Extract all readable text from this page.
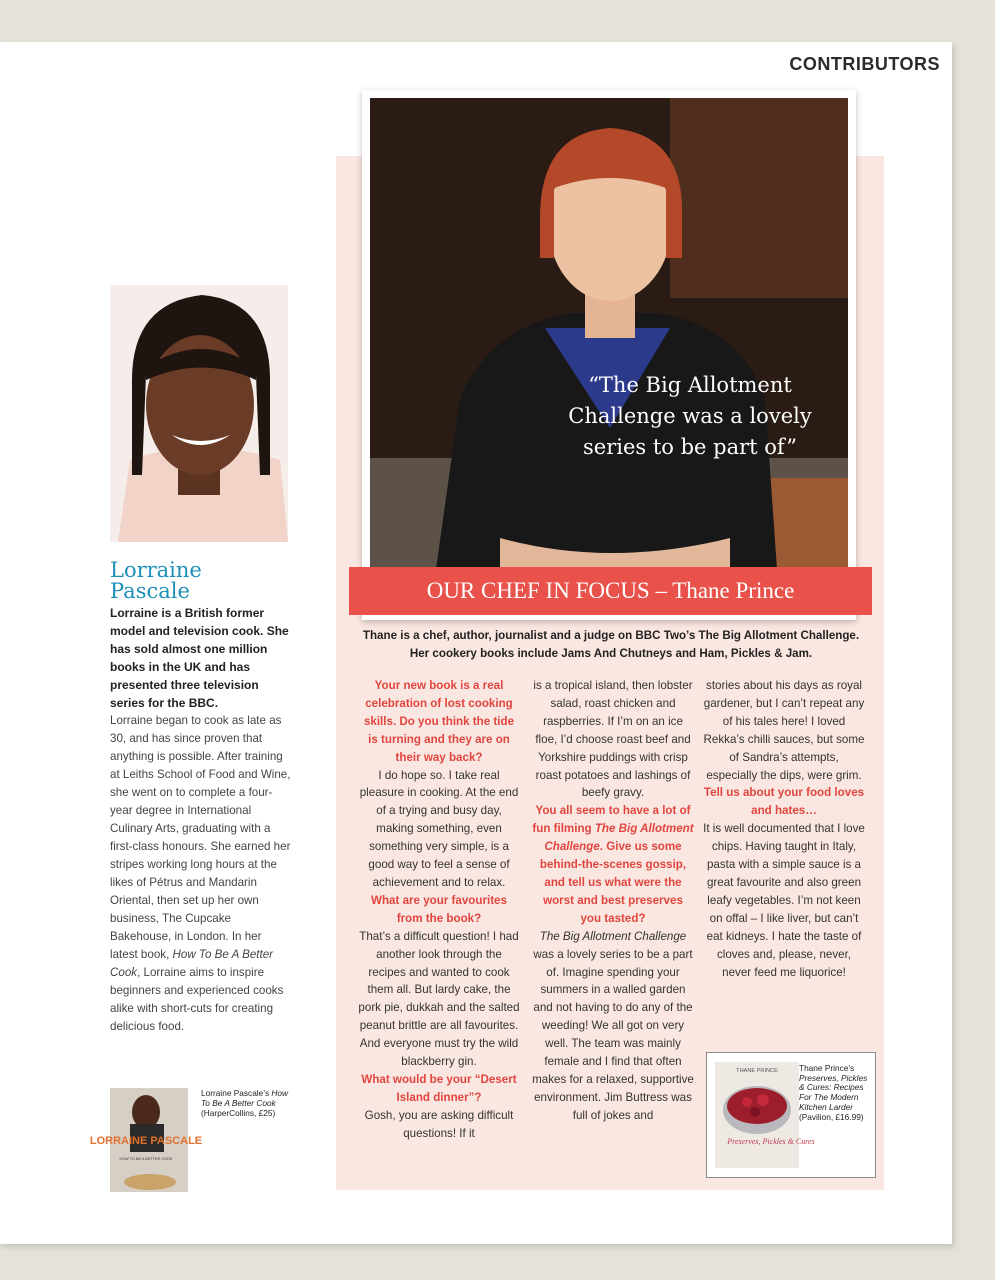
CONTRIBUTORS
“The Big Allotment Challenge was a lovely series to be part of”
OUR CHEF IN FOCUS – Thane Prince
Thane is a chef, author, journalist and a judge on BBC Two’s The Big Allotment Challenge. Her cookery books include Jams And Chutneys and Ham, Pickles & Jam.
Your new book is a real celebration of lost cooking skills. Do you think the tide is turning and they are on their way back?
I do hope so. I take real pleasure in cooking. At the end of a trying and busy day, making something, even something very simple, is a good way to feel a sense of achievement and to relax.
What are your favourites from the book?
That’s a difficult question! I had another look through the recipes and wanted to cook them all. But lardy cake, the pork pie, dukkah and the salted peanut brittle are all favourites. And everyone must try the wild blackberry gin.
What would be your “Desert Island dinner”?
Gosh, you are asking difficult questions! If it
is a tropical island, then lobster salad, roast chicken and raspberries. If I’m on an ice floe, I’d choose roast beef and Yorkshire puddings with crisp roast potatoes and lashings of beefy gravy.
You all seem to have a lot of fun filming The Big Allotment Challenge. Give us some behind-the-scenes gossip, and tell us what were the worst and best preserves you tasted?
The Big Allotment Challenge was a lovely series to be a part of. Imagine spending your summers in a walled garden and not having to do any of the weeding! We all got on very well. The team was mainly female and I find that often makes for a relaxed, supportive environment. Jim Buttress was full of jokes and
stories about his days as royal gardener, but I can’t repeat any of his tales here! I loved Rekka’s chilli sauces, but some of Sandra’s attempts, especially the dips, were grim.
Tell us about your food loves and hates…
It is well documented that I love chips. Having taught in Italy, pasta with a simple sauce is a great favourite and also green leafy vegetables. I’m not keen on offal – I like liver, but can’t eat kidneys. I hate the taste of cloves and, please, never, never feed me liquorice!
THANE PRINCE
Preserves, Pickles & Cures
Thane Prince’s Preserves, Pickles & Cures: Recipes For The Modern Kitchen Larder (Pavilion, £16.99)
Lorraine Pascale
Lorraine is a British former model and television cook. She has sold almost one million books in the UK and has presented three television series for the BBC.
Lorraine began to cook as late as 30, and has since proven that anything is possible. After training at Leiths School of Food and Wine, she went on to complete a four-year degree in International Culinary Arts, graduating with a first-class honours. She earned her stripes working long hours at the likes of Pétrus and Mandarin Oriental, then set up her own business, The Cupcake Bakehouse, in London. In her latest book, How To Be A Better Cook, Lorraine aims to inspire beginners and experienced cooks alike with short-cuts for creating delicious food.
LORRAINE PASCALE
HOW TO BE A BETTER COOK
Lorraine Pascale’s How To Be A Better Cook (HarperCollins, £25)
